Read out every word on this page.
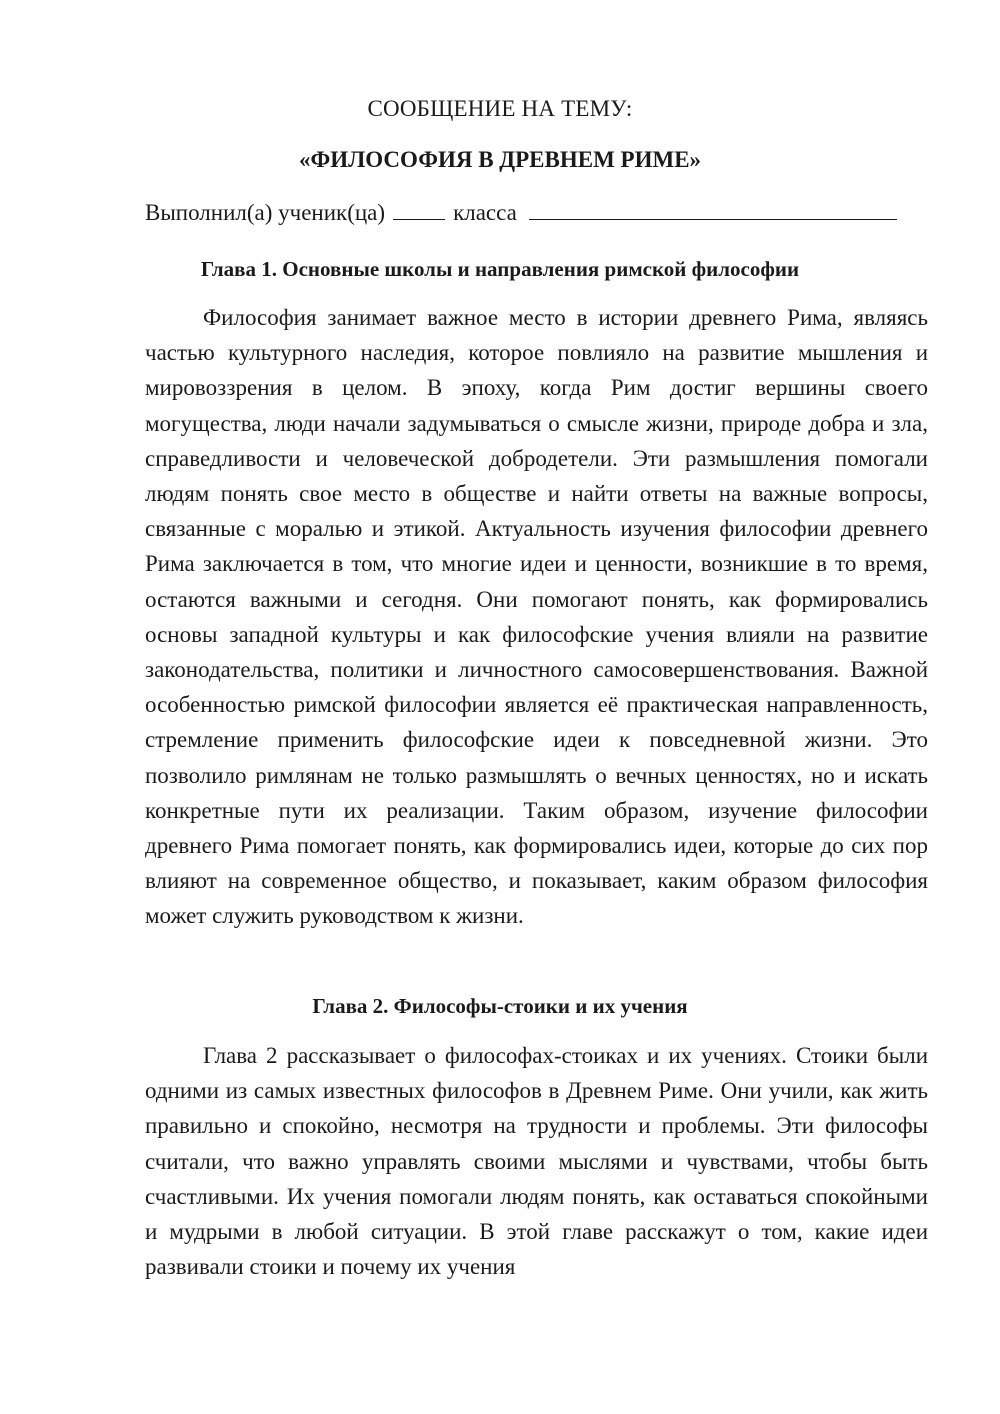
СООБЩЕНИЕ НА ТЕМУ:
«ФИЛОСОФИЯ В ДРЕВНЕМ РИМЕ»
Выполнил(а) ученик(ца)	класса
Глава 1. Основные школы и направления римской философии

Философия занимает важное место в истории древнего Рима, являясь частью культурного наследия, которое повлияло на развитие мышления и мировоззрения в целом. В эпоху, когда Рим достиг вершины своего могущества, люди начали задумываться о смысле жизни, природе добра и зла, справедливости и человеческой добродетели. Эти размышления помогали людям понять свое место в обществе и найти ответы на важные вопросы, связанные с моралью и этикой. Актуальность изучения философии древнего Рима заключается в том, что многие идеи и ценности, возникшие в то время, остаются важными и сегодня. Они помогают понять, как формировались основы западной культуры и как философские учения влияли на развитие законодательства, политики и личностного самосовершенствования. Важной особенностью римской философии является её практическая направленность, стремление применить философские идеи к повседневной жизни. Это позволило римлянам не только размышлять о вечных ценностях, но и искать конкретные пути их реализации. Таким образом, изучение философии древнего Рима помогает понять, как формировались идеи, которые до сих пор влияют на современное общество, и показывает, каким образом философия может служить руководством к жизни.

Глава 2. Философы-стоики и их учения

Глава 2 рассказывает о философах-стоиках и их учениях. Стоики были одними из самых известных философов в Древнем Риме. Они учили, как жить правильно и спокойно, несмотря на трудности и проблемы. Эти философы считали, что важно управлять своими мыслями и чувствами, чтобы быть счастливыми. Их учения помогали людям понять, как оставаться спокойными и мудрыми в любой ситуации. В этой главе расскажут о том, какие идеи развивали стоики и почему их учения
